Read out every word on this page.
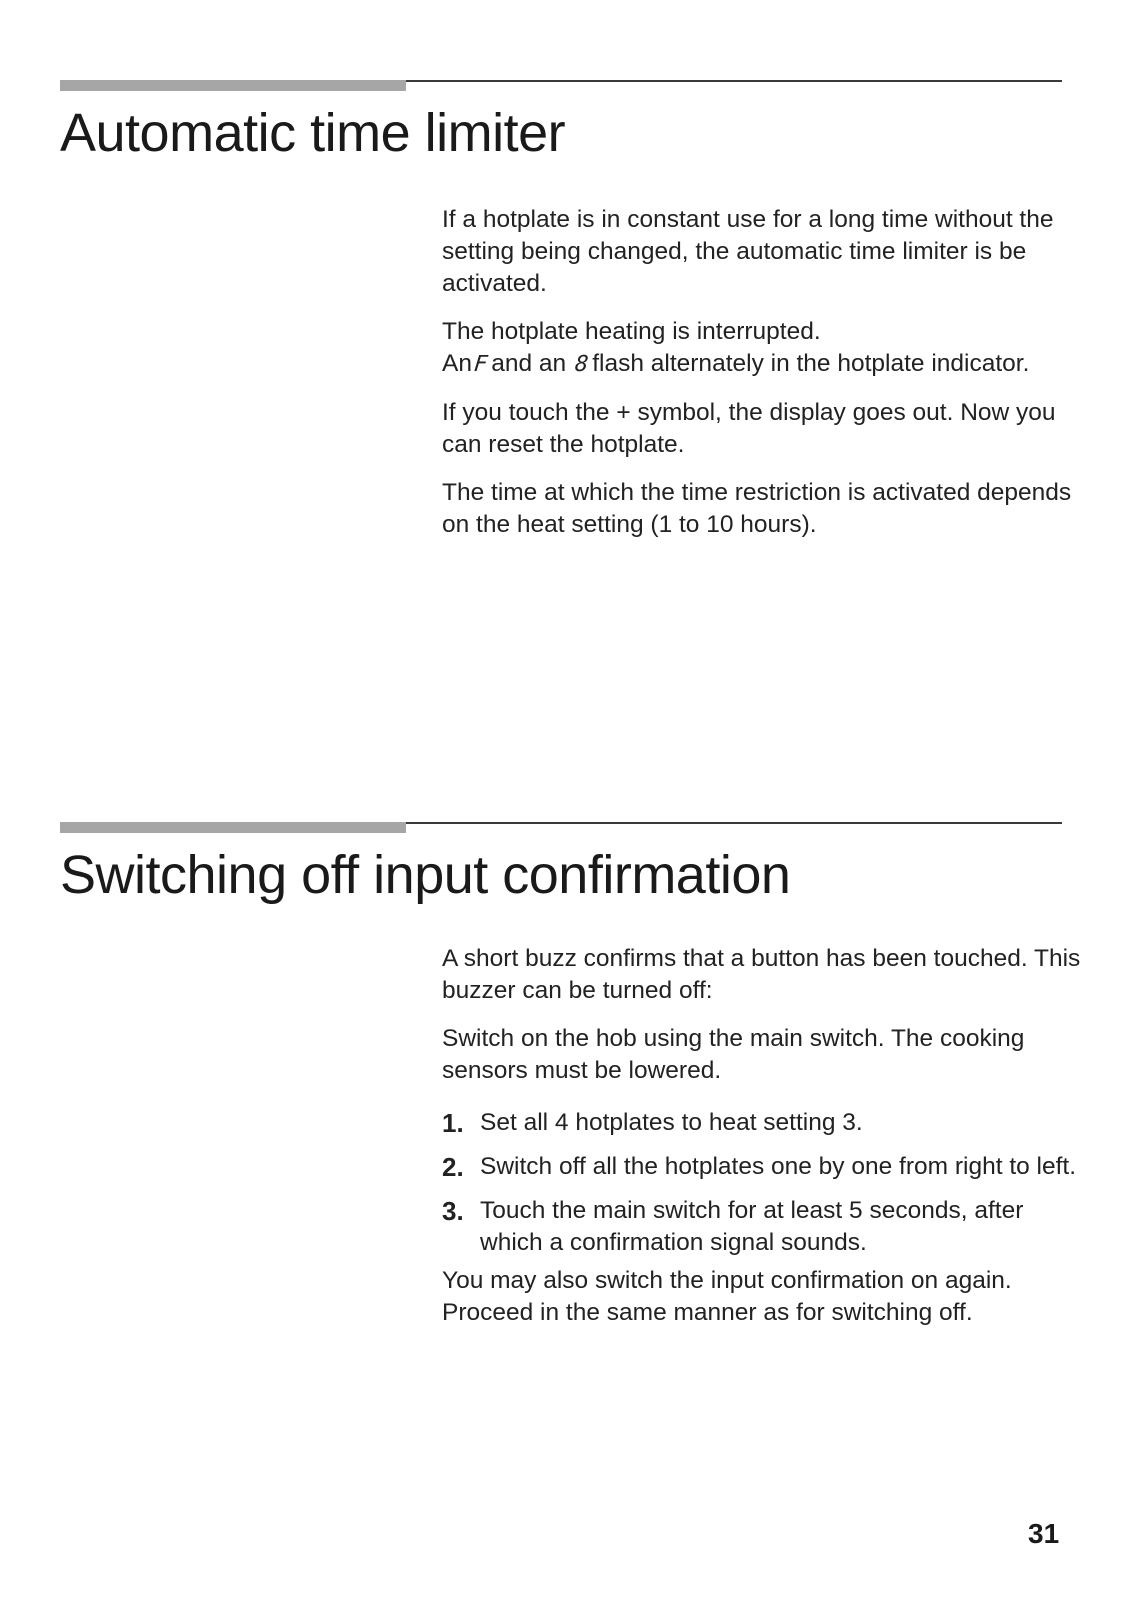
Automatic time limiter

If a hotplate is in constant use for a long time without the setting being changed, the automatic time limiter is be activated.

The hotplate heating is interrupted.
AnF and an 8 flash alternately in the hotplate indicator.

If you touch the + symbol, the display goes out. Now you can reset the hotplate.

The time at which the time restriction is activated depends on the heat setting (1 to 10 hours).

Switching off input confirmation

A short buzz confirms that a button has been touched. This buzzer can be turned off:

Switch on the hob using the main switch. The cooking sensors must be lowered.

1. Set all 4 hotplates to heat setting 3.
2. Switch off all the hotplates one by one from right to left.
3. Touch the main switch for at least 5 seconds, after which a confirmation signal sounds.

You may also switch the input confirmation on again. Proceed in the same manner as for switching off.

31
